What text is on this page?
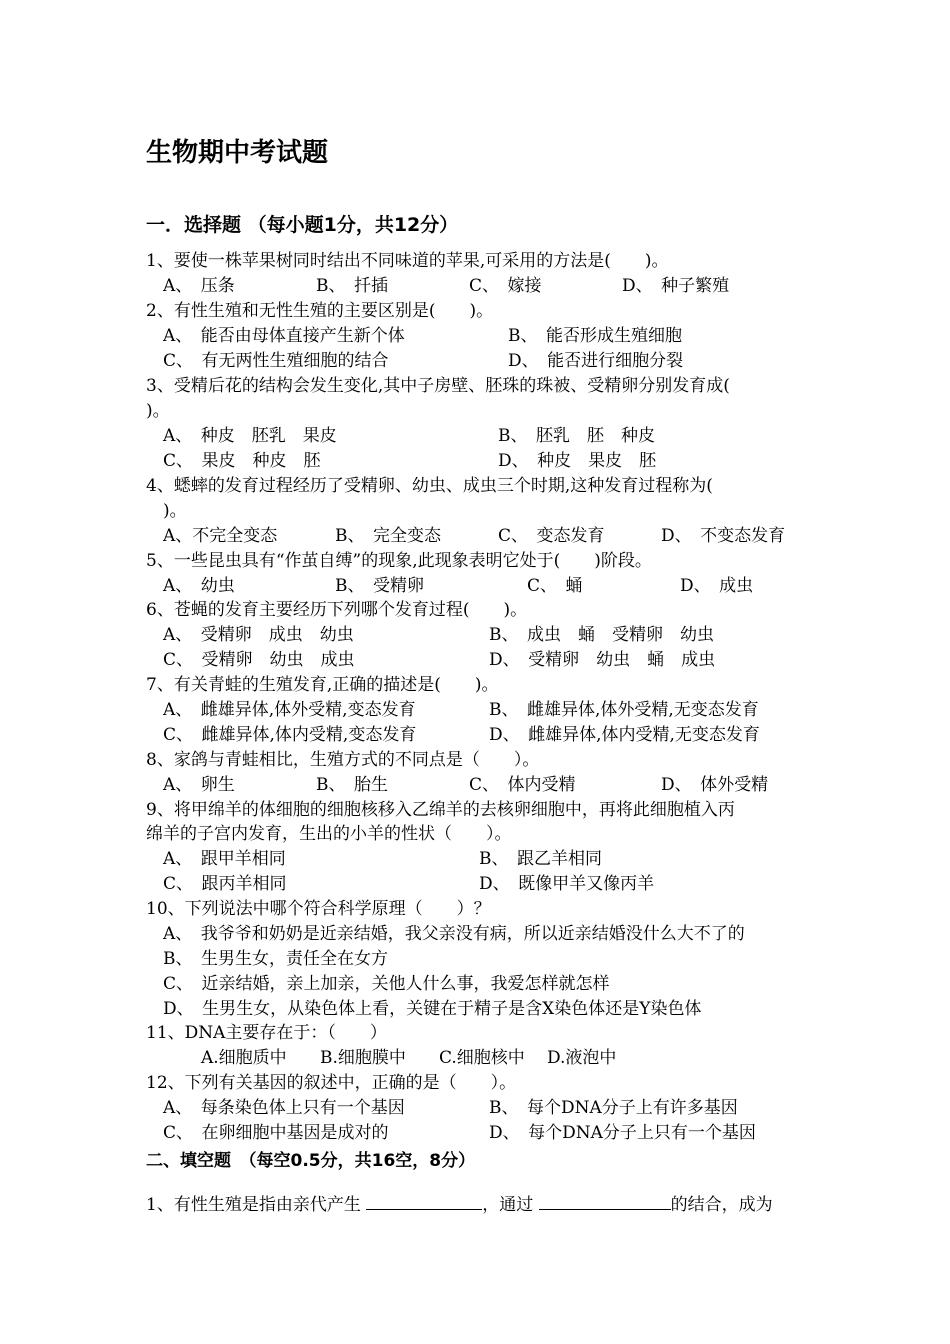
生物期中考试题
一．选择题 （每小题1分，共12分）
1、要使一株苹果树同时结出不同味道的苹果,可采用的方法是(　　)。
A、　压条	B、　扦插	C、　嫁接	D、　种子繁殖
2、有性生殖和无性生殖的主要区别是(　　)。
A、　能否由母体直接产生新个体	B、　能否形成生殖细胞
C、　有无两性生殖细胞的结合	D、　能否进行细胞分裂
3、受精后花的结构会发生变化,其中子房壁、胚珠的珠被、受精卵分别发育成(
)。
A、　种皮　胚乳　果皮	B、　胚乳　胚　种皮
C、　果皮　种皮　胚	D、　种皮　果皮　胚
4、蟋蟀的发育过程经历了受精卵、幼虫、成虫三个时期,这种发育过程称为(
　)。
A、不完全变态	B、　完全变态	C、　变态发育	D、　不变态发育
5、一些昆虫具有“作茧自缚”的现象,此现象表明它处于(　　)阶段。
A、　幼虫	B、　受精卵	C、　蛹	D、　成虫
6、苍蝇的发育主要经历下列哪个发育过程(　　)。
A、　受精卵　成虫　幼虫	B、　成虫　蛹　受精卵　幼虫
C、　受精卵　幼虫　成虫	D、　受精卵　幼虫　蛹　成虫
7、有关青蛙的生殖发育,正确的描述是(　　)。
A、　雌雄异体,体外受精,变态发育	B、　雌雄异体,体外受精,无变态发育
C、　雌雄异体,体内受精,变态发育	D、　雌雄异体,体内受精,无变态发育
8、家鸽与青蛙相比，生殖方式的不同点是（　　）。
A、　卵生	B、　胎生	C、　体内受精	D、　体外受精
9、将甲绵羊的体细胞的细胞核移入乙绵羊的去核卵细胞中，再将此细胞植入丙
绵羊的子宫内发育，生出的小羊的性状（　　）。
A、　跟甲羊相同	B、　跟乙羊相同
C、　跟丙羊相同	D、　既像甲羊又像丙羊
10、下列说法中哪个符合科学原理（　　）？
A、　我爷爷和奶奶是近亲结婚，我父亲没有病，所以近亲结婚没什么大不了的
B、　生男生女，责任全在女方
C、　近亲结婚，亲上加亲，关他人什么事，我爱怎样就怎样
D、　生男生女，从染色体上看，关键在于精子是含X染色体还是Y染色体
11、DNA主要存在于：（　　）
A.细胞质中 B.细胞膜中 C.细胞核中 D.液泡中
12、下列有关基因的叙述中，正确的是（　　）。
A、　每条染色体上只有一个基因	B、　每个DNA分子上有许多基因
C、　在卵细胞中基因是成对的	D、　每个DNA分子上只有一个基因
二、填空题　（每空0.5分，共16空，8分）
1、有性生殖是指由亲代产生	，通过	的结合，成为
